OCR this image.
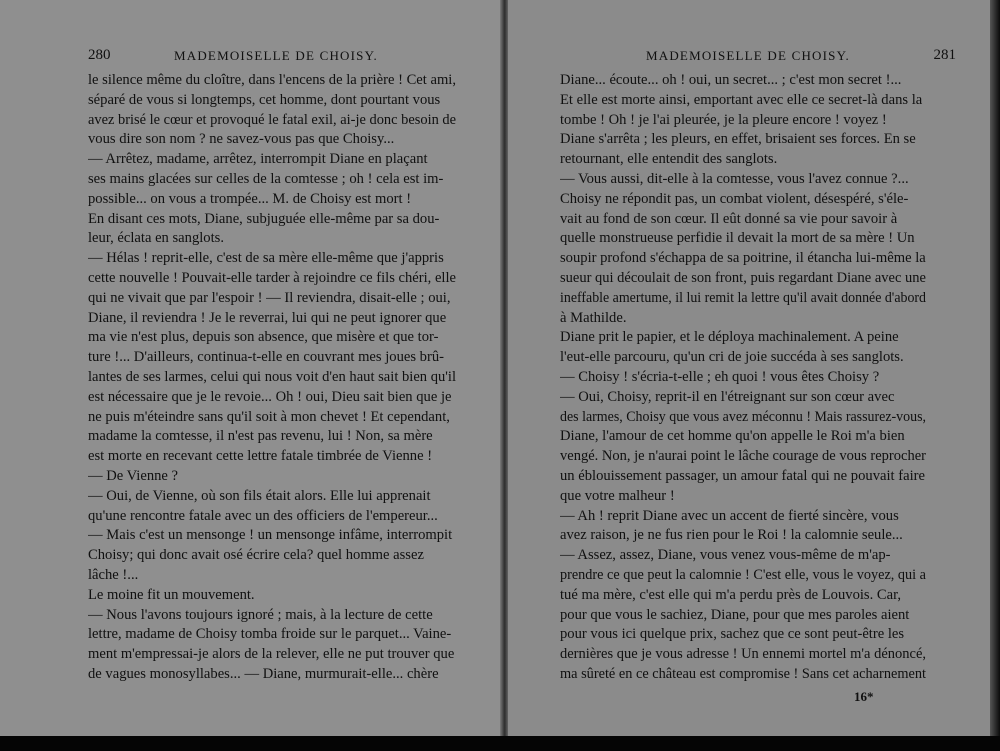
280	MADEMOISELLE DE CHOISY.
le silence même du cloître, dans l'encens de la prière ! Cet ami,
séparé de vous si longtemps, cet homme, dont pourtant vous
avez brisé le cœur et provoqué le fatal exil, ai-je donc besoin de
vous dire son nom ? ne savez-vous pas que Choisy...
— Arrêtez, madame, arrêtez, interrompit Diane en plaçant
ses mains glacées sur celles de la comtesse ; oh ! cela est im-
possible... on vous a trompée... M. de Choisy est mort !
En disant ces mots, Diane, subjuguée elle-même par sa dou-
leur, éclata en sanglots.
— Hélas ! reprit-elle, c'est de sa mère elle-même que j'appris
cette nouvelle ! Pouvait-elle tarder à rejoindre ce fils chéri, elle
qui ne vivait que par l'espoir ! — Il reviendra, disait-elle ; oui,
Diane, il reviendra ! Je le reverrai, lui qui ne peut ignorer que
ma vie n'est plus, depuis son absence, que misère et que tor-
ture !... D'ailleurs, continua-t-elle en couvrant mes joues brû-
lantes de ses larmes, celui qui nous voit d'en haut sait bien qu'il
est nécessaire que je le revoie... Oh ! oui, Dieu sait bien que je
ne puis m'éteindre sans qu'il soit à mon chevet ! Et cependant,
madame la comtesse, il n'est pas revenu, lui ! Non, sa mère
est morte en recevant cette lettre fatale timbrée de Vienne !
— De Vienne ?
— Oui, de Vienne, où son fils était alors. Elle lui apprenait
qu'une rencontre fatale avec un des officiers de l'empereur...
— Mais c'est un mensonge ! un mensonge infâme, interrompit
Choisy; qui donc avait osé écrire cela? quel homme assez
lâche !...
Le moine fit un mouvement.
— Nous l'avons toujours ignoré ; mais, à la lecture de cette
lettre, madame de Choisy tomba froide sur le parquet... Vaine-
ment m'empressai-je alors de la relever, elle ne put trouver que
de vagues monosyllabes... — Diane, murmurait-elle... chère
MADEMOISELLE DE CHOISY.	281
Diane... écoute... oh ! oui, un secret... ; c'est mon secret !...
Et elle est morte ainsi, emportant avec elle ce secret-là dans la
tombe ! Oh ! je l'ai pleurée, je la pleure encore ! voyez !
Diane s'arrêta ; les pleurs, en effet, brisaient ses forces. En se
retournant, elle entendit des sanglots.
— Vous aussi, dit-elle à la comtesse, vous l'avez connue ?...
Choisy ne répondit pas, un combat violent, désespéré, s'éle-
vait au fond de son cœur. Il eût donné sa vie pour savoir à
quelle monstrueuse perfidie il devait la mort de sa mère ! Un
soupir profond s'échappa de sa poitrine, il étancha lui-même la
sueur qui découlait de son front, puis regardant Diane avec une
ineffable amertume, il lui remit la lettre qu'il avait donnée d'abord
à Mathilde.
Diane prit le papier, et le déploya machinalement. A peine
l'eut-elle parcouru, qu'un cri de joie succéda à ses sanglots.
— Choisy ! s'écria-t-elle ; eh quoi ! vous êtes Choisy ?
— Oui, Choisy, reprit-il en l'étreignant sur son cœur avec
des larmes, Choisy que vous avez méconnu ! Mais rassurez-vous,
Diane, l'amour de cet homme qu'on appelle le Roi m'a bien
vengé. Non, je n'aurai point le lâche courage de vous reprocher
un éblouissement passager, un amour fatal qui ne pouvait faire
que votre malheur !
— Ah ! reprit Diane avec un accent de fierté sincère, vous
avez raison, je ne fus rien pour le Roi ! la calomnie seule...
— Assez, assez, Diane, vous venez vous-même de m'ap-
prendre ce que peut la calomnie ! C'est elle, vous le voyez, qui a
tué ma mère, c'est elle qui m'a perdu près de Louvois. Car,
pour que vous le sachiez, Diane, pour que mes paroles aient
pour vous ici quelque prix, sachez que ce sont peut-être les
dernières que je vous adresse ! Un ennemi mortel m'a dénoncé,
ma sûreté en ce château est compromise ! Sans cet acharnement
16*
